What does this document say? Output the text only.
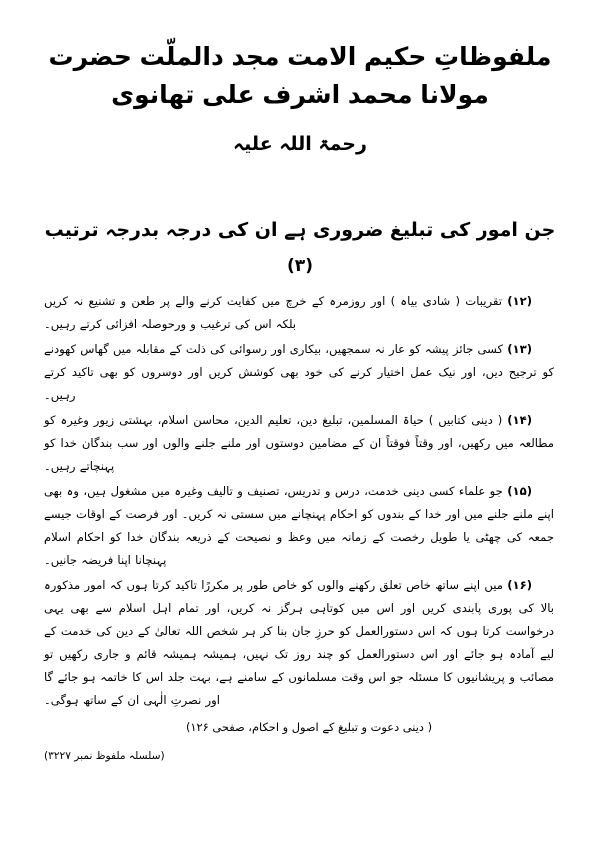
ملفوظاتِ حکیم الامت مجد دالملّت حضرت مولانا محمد اشرف علی تھانوی
رحمۃ اللہ علیہ
جن امور کی تبلیغ ضروری ہے ان کی درجہ بدرجہ ترتیب
(۳)

(۱۲) تقریبات ( شادی بیاہ ) اور روزمرہ کے خرچ میں کفایت کرنے والے پر طعن و تشنیع نہ کریں بلکہ اس کی ترغیب و ورحوصلہ افزائی کرتے رہیں۔

(۱۳) کسی جائز پیشہ کو عار نہ سمجھیں، بیکاری اور رسوائی کی ذلت کے مقابلہ میں گھاس کھودنے کو ترجیح دیں، اور نیک عمل اختیار کرنے کی خود بھی کوشش کریں اور دوسروں کو بھی تاکید کرتے رہیں۔

(۱۴) ( دینی کتابیں ) حیاۃ المسلمین، تبلیغ دین، تعلیم الدین، محاسن اسلام، بہشتی زیور وغیرہ کو مطالعہ میں رکھیں، اور وقتاً فوقتاً ان کے مضامین دوستوں اور ملنے جلنے والوں اور سب بندگان خدا کو پہنچاتے رہیں۔

(۱۵) جو علماء کسی دینی خدمت، درس و تدریس، تصنیف و تالیف وغیرہ میں مشغول ہیں، وہ بھی اپنے ملنے جلنے میں اور خدا کے بندوں کو احکام پہنچانے میں سستی نہ کریں۔ اور فرصت کے اوقات جیسے جمعہ کی چھٹی یا طویل رخصت کے زمانہ میں وعظ و نصیحت کے ذریعہ بندگان خدا کو احکام اسلام پہنچانا اپنا فریضہ جانیں۔

(۱۶) میں اپنے ساتھ خاص تعلق رکھنے والوں کو خاص طور پر مکررًا تاکید کرتا ہوں کہ امور مذکورہ بالا کی پوری پابندی کریں اور اس میں کوتاہی ہرگز نہ کریں، اور تمام اہل اسلام سے بھی یہی درخواست کرتا ہوں کہ اس دستورالعمل کو حرزِ جان بنا کر ہر شخص اللہ تعالیٰ کے دین کی خدمت کے لیے آمادہ ہو جائے اور اس دستورالعمل کو چند روز تک نہیں، ہمیشہ ہمیشہ قائم و جاری رکھیں تو مصائب و پریشانیوں کا مسئلہ جو اس وقت مسلمانوں کے سامنے ہے، بہت جلد اس کا خاتمہ ہو جائے گا اور نصرتِ الٰہی ان کے ساتھ ہوگی۔

( دینی دعوت و تبلیغ کے اصول و احکام، صفحی ۱۲۶)
(سلسلہ ملفوظ نمبر ۳۲۲۷)
